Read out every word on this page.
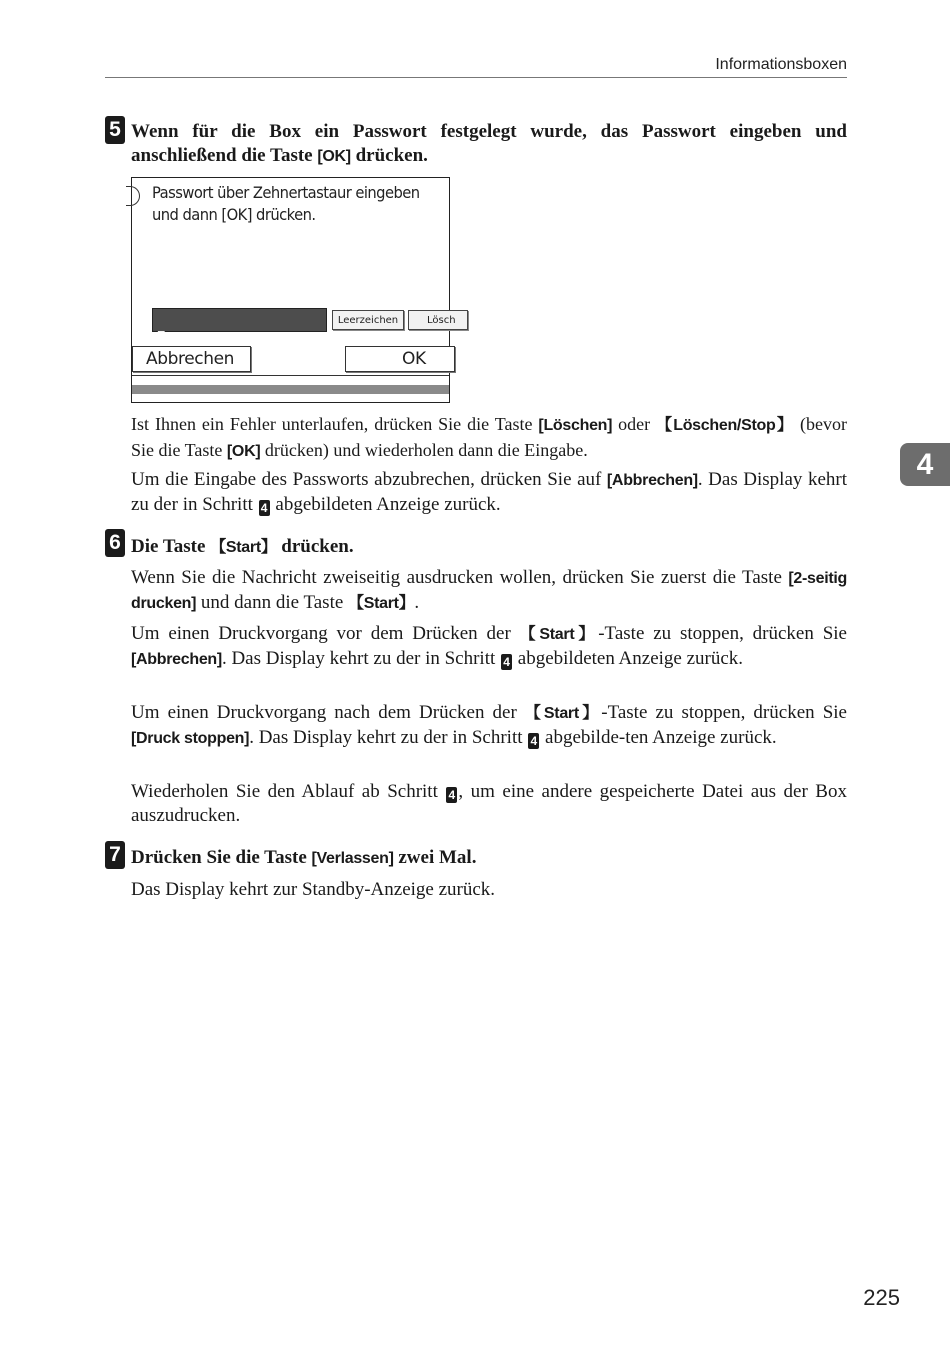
Informationsboxen
4
5 Wenn für die Box ein Passwort festgelegt wurde, das Passwort eingeben und anschließend die Taste [OK] drücken.
Passwort über Zehnertastaur eingeben
und dann [OK] drücken.
_	Leerzeichen	Lösch
Abbrechen	OK
Ist Ihnen ein Fehler unterlaufen, drücken Sie die Taste [Löschen] oder 【Löschen/Stop】 (bevor Sie die Taste [OK] drücken) und wiederholen dann die Eingabe.
Um die Eingabe des Passworts abzubrechen, drücken Sie auf [Abbrechen]. Das Display kehrt zu der in Schritt 4 abgebildeten Anzeige zurück.
6 Die Taste 【Start】 drücken.
Wenn Sie die Nachricht zweiseitig ausdrucken wollen, drücken Sie zuerst die Taste [2-seitig drucken] und dann die Taste 【Start】.
Um einen Druckvorgang vor dem Drücken der 【Start】-Taste zu stoppen, drücken Sie [Abbrechen]. Das Display kehrt zu der in Schritt 4 abgebildeten Anzeige zurück.
Um einen Druckvorgang nach dem Drücken der 【Start】-Taste zu stoppen, drücken Sie [Druck stoppen]. Das Display kehrt zu der in Schritt 4 abgebilde-ten Anzeige zurück.
Wiederholen Sie den Ablauf ab Schritt 4 , um eine andere gespeicherte Datei aus der Box auszudrucken.
7 Drücken Sie die Taste [Verlassen] zwei Mal.
Das Display kehrt zur Standby-Anzeige zurück.
225
